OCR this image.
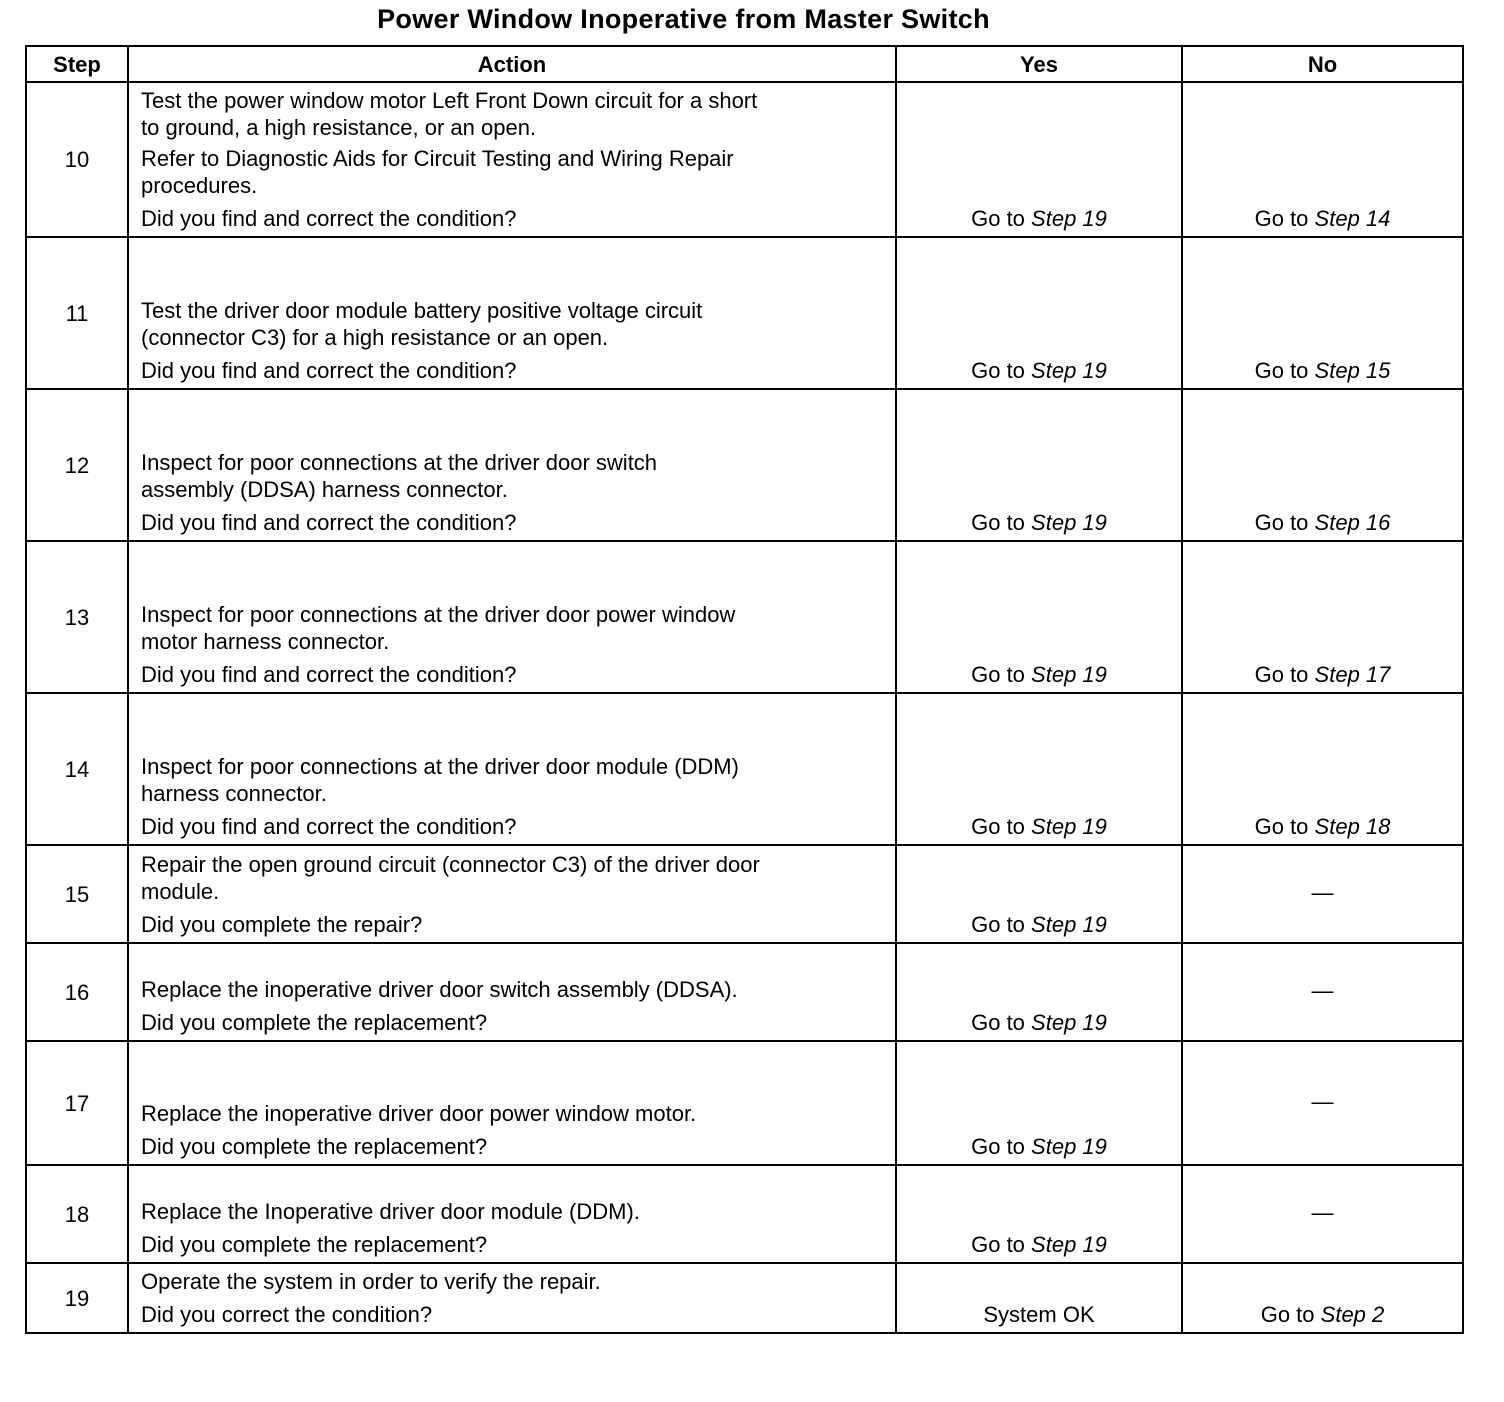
Power Window Inoperative from Master Switch
Step	Action	Yes	No
10	Test the power window motor Left Front Down circuit for a short
to ground, a high resistance, or an open.
Refer to Diagnostic Aids for Circuit Testing and Wiring Repair
procedures.
Did you find and correct the condition?	Go to Step 19	Go to Step 14
11	Test the driver door module battery positive voltage circuit
(connector C3) for a high resistance or an open.
Did you find and correct the condition?	Go to Step 19	Go to Step 15
12	Inspect for poor connections at the driver door switch
assembly (DDSA) harness connector.
Did you find and correct the condition?	Go to Step 19	Go to Step 16
13	Inspect for poor connections at the driver door power window
motor harness connector.
Did you find and correct the condition?	Go to Step 19	Go to Step 17
14	Inspect for poor connections at the driver door module (DDM)
harness connector.
Did you find and correct the condition?	Go to Step 19	Go to Step 18
15	Repair the open ground circuit (connector C3) of the driver door
module.
Did you complete the repair?	Go to Step 19	—
16	Replace the inoperative driver door switch assembly (DDSA).
Did you complete the replacement?	Go to Step 19	—
17	Replace the inoperative driver door power window motor.
Did you complete the replacement?	Go to Step 19	—
18	Replace the Inoperative driver door module (DDM).
Did you complete the replacement?	Go to Step 19	—
19	Operate the system in order to verify the repair.
Did you correct the condition?	System OK	Go to Step 2
